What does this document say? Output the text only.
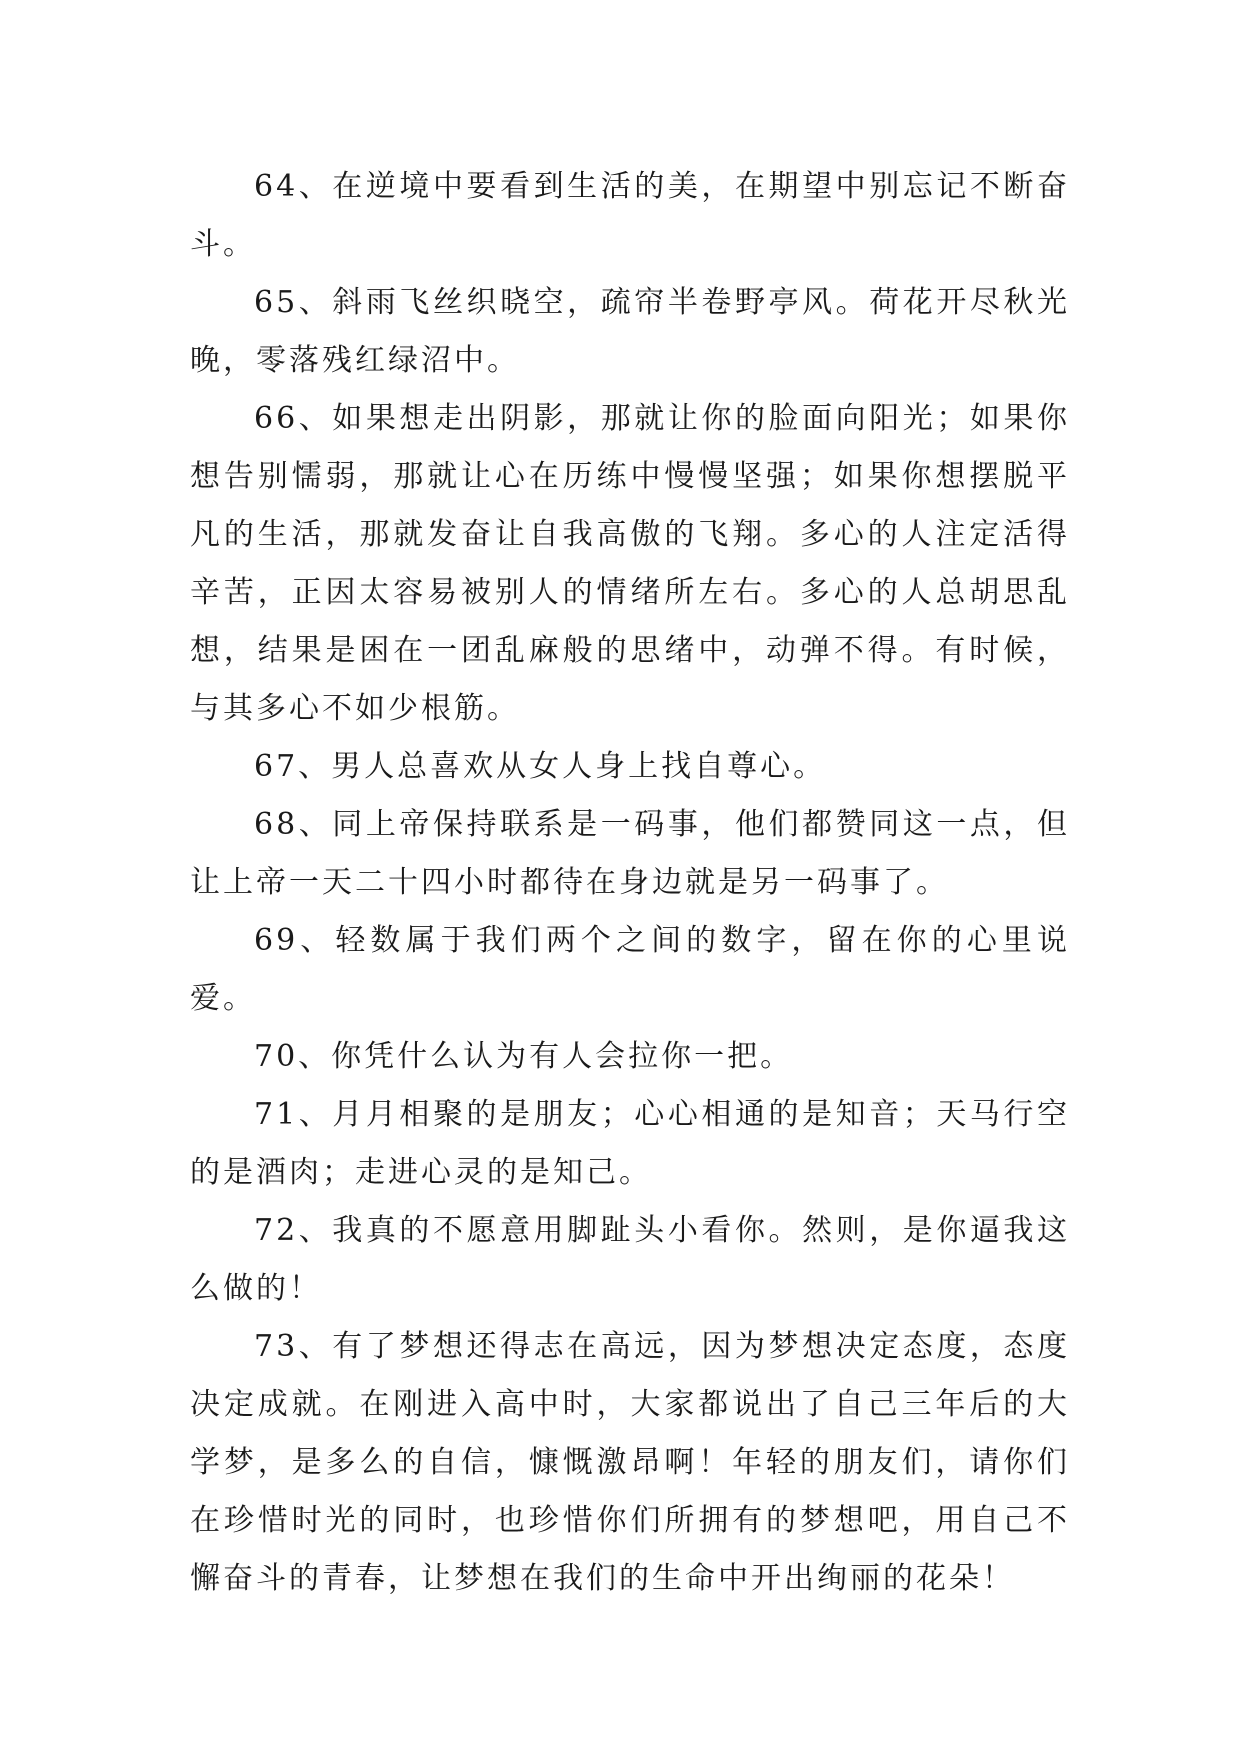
64、在逆境中要看到生活的美，在期望中别忘记不断奋斗。

65、斜雨飞丝织晓空，疏帘半卷野亭风。荷花开尽秋光晚，零落残红绿沼中。

66、如果想走出阴影，那就让你的脸面向阳光；如果你想告别懦弱，那就让心在历练中慢慢坚强；如果你想摆脱平凡的生活，那就发奋让自我高傲的飞翔。多心的人注定活得辛苦，正因太容易被别人的情绪所左右。多心的人总胡思乱想，结果是困在一团乱麻般的思绪中，动弹不得。有时候，与其多心不如少根筋。

67、男人总喜欢从女人身上找自尊心。

68、同上帝保持联系是一码事，他们都赞同这一点，但让上帝一天二十四小时都待在身边就是另一码事了。

69、轻数属于我们两个之间的数字，留在你的心里说爱。

70、你凭什么认为有人会拉你一把。

71、月月相聚的是朋友；心心相通的是知音；天马行空的是酒肉；走进心灵的是知己。

72、我真的不愿意用脚趾头小看你。然则，是你逼我这么做的！

73、有了梦想还得志在高远，因为梦想决定态度，态度决定成就。在刚进入高中时，大家都说出了自己三年后的大学梦，是多么的自信，慷慨激昂啊！年轻的朋友们，请你们在珍惜时光的同时，也珍惜你们所拥有的梦想吧，用自己不懈奋斗的青春，让梦想在我们的生命中开出绚丽的花朵！
